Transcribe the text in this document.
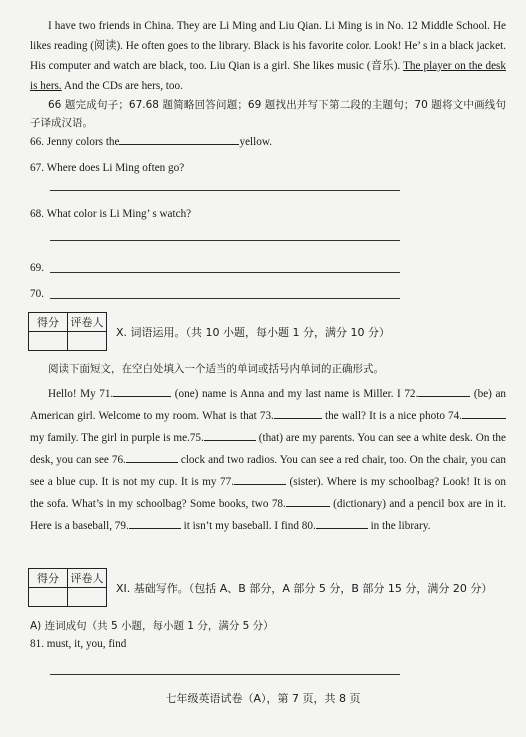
I have two friends in China. They are Li Ming and Liu Qian. Li Ming is in No. 12 Middle School. He likes reading (阅读). He often goes to the library. Black is his favorite color. Look! He’ s in a black jacket. His computer and watch are black, too. Liu Qian is a girl. She likes music (音乐). The player on the desk is hers. And the CDs are hers, too.

66 题完成句子；67.68 题简略回答问题；69 题找出并写下第二段的主题句；70 题将文中画线句子译成汉语。

66. Jenny colors the	yellow.

67. Where does Li Ming often go?

68. What color is Li Ming’ s watch?

69.

70.

得分	评卷人

X. 词语运用。（共 10 小题，每小题 1 分，满分 10 分）

阅读下面短文，在空白处填入一个适当的单词或括号内单词的正确形式。

Hello! My 71.	(one) name is Anna and my last name is Miller. I 72.	(be) an American girl. Welcome to my room. What is that 73.	the wall? It is a nice photo 74. my family. The girl in purple is me.75.	(that) are my parents. You can see a white desk. On the desk, you can see 76.	clock and two radios. You can see a red chair, too. On the chair, you can see a blue cup. It is not my cup. It is my 77.	(sister). Where is my schoolbag? Look! It is on the sofa. What’s in my schoolbag? Some books, two 78.	(dictionary) and a pencil box are in it. Here is a baseball, 79.	it isn’t my baseball. I find 80.	in the library.

得分	评卷人

XI. 基础写作。（包括 A、B 部分，A 部分 5 分，B 部分 15 分，满分 20 分）

A) 连词成句（共 5 小题，每小题 1 分，满分 5 分）

81. must, it, you, find

七年级英语试卷（A），第 7 页，共 8 页
